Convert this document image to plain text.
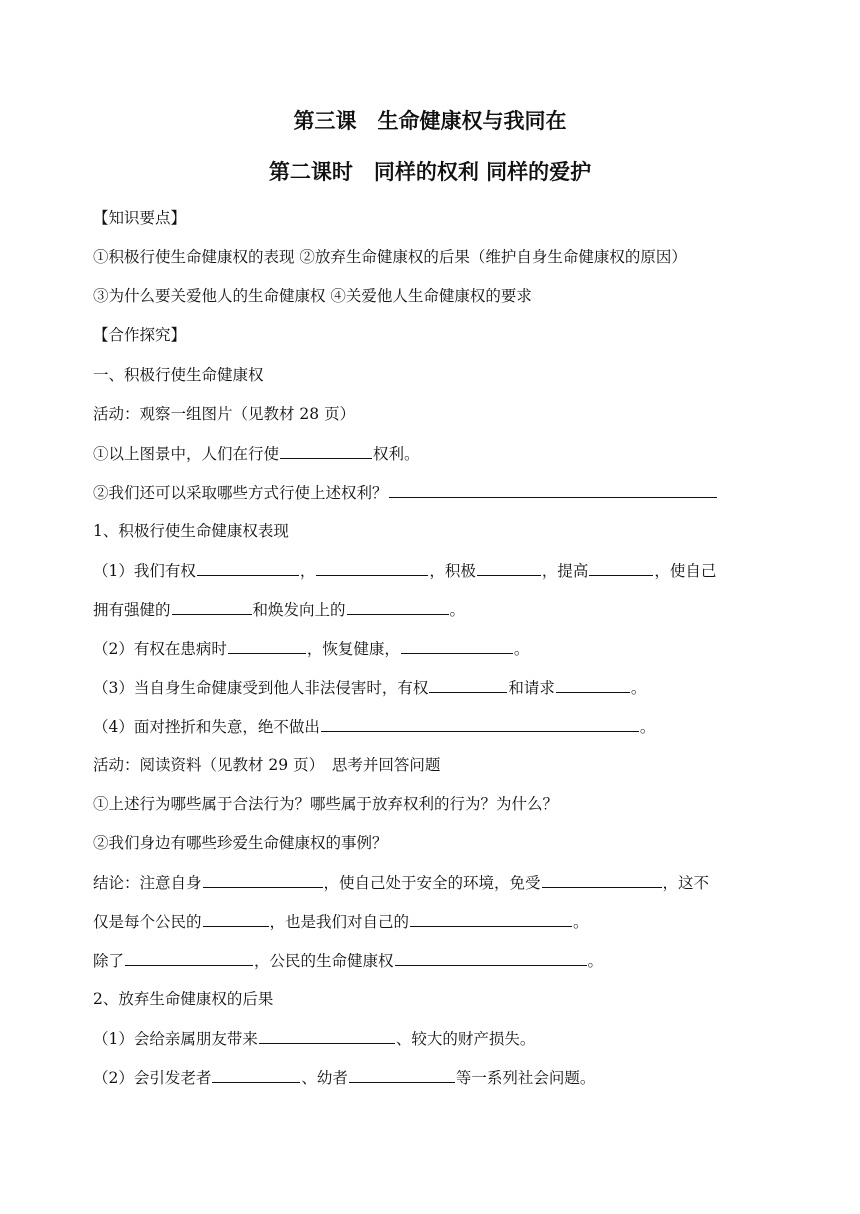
第三课　生命健康权与我同在
第二课时　同样的权利 同样的爱护
【知识要点】
①积极行使生命健康权的表现 ②放弃生命健康权的后果（维护自身生命健康权的原因）
③为什么要关爱他人的生命健康权 ④关爱他人生命健康权的要求
【合作探究】
一、积极行使生命健康权
活动：观察一组图片（见教材 28 页）
①以上图景中，人们在行使	权利。
②我们还可以采取哪些方式行使上述权利？
1、积极行使生命健康权表现
（1）我们有权	，	，积极	，提高	，使自己
拥有强健的	和焕发向上的	。
（2）有权在患病时	，恢复健康，	。
（3）当自身生命健康受到他人非法侵害时，有权	和请求	。
（4）面对挫折和失意，绝不做出	。
活动：阅读资料（见教材 29 页）　思考并回答问题
①上述行为哪些属于合法行为？哪些属于放弃权利的行为？为什么？
②我们身边有哪些珍爱生命健康权的事例？
结论：注意自身	，使自己处于安全的环境，免受	，这不
仅是每个公民的	，也是我们对自己的	。
除了	，公民的生命健康权	。
2、放弃生命健康权的后果
（1）会给亲属朋友带来	、较大的财产损失。
（2）会引发老者	、幼者	等一系列社会问题。
